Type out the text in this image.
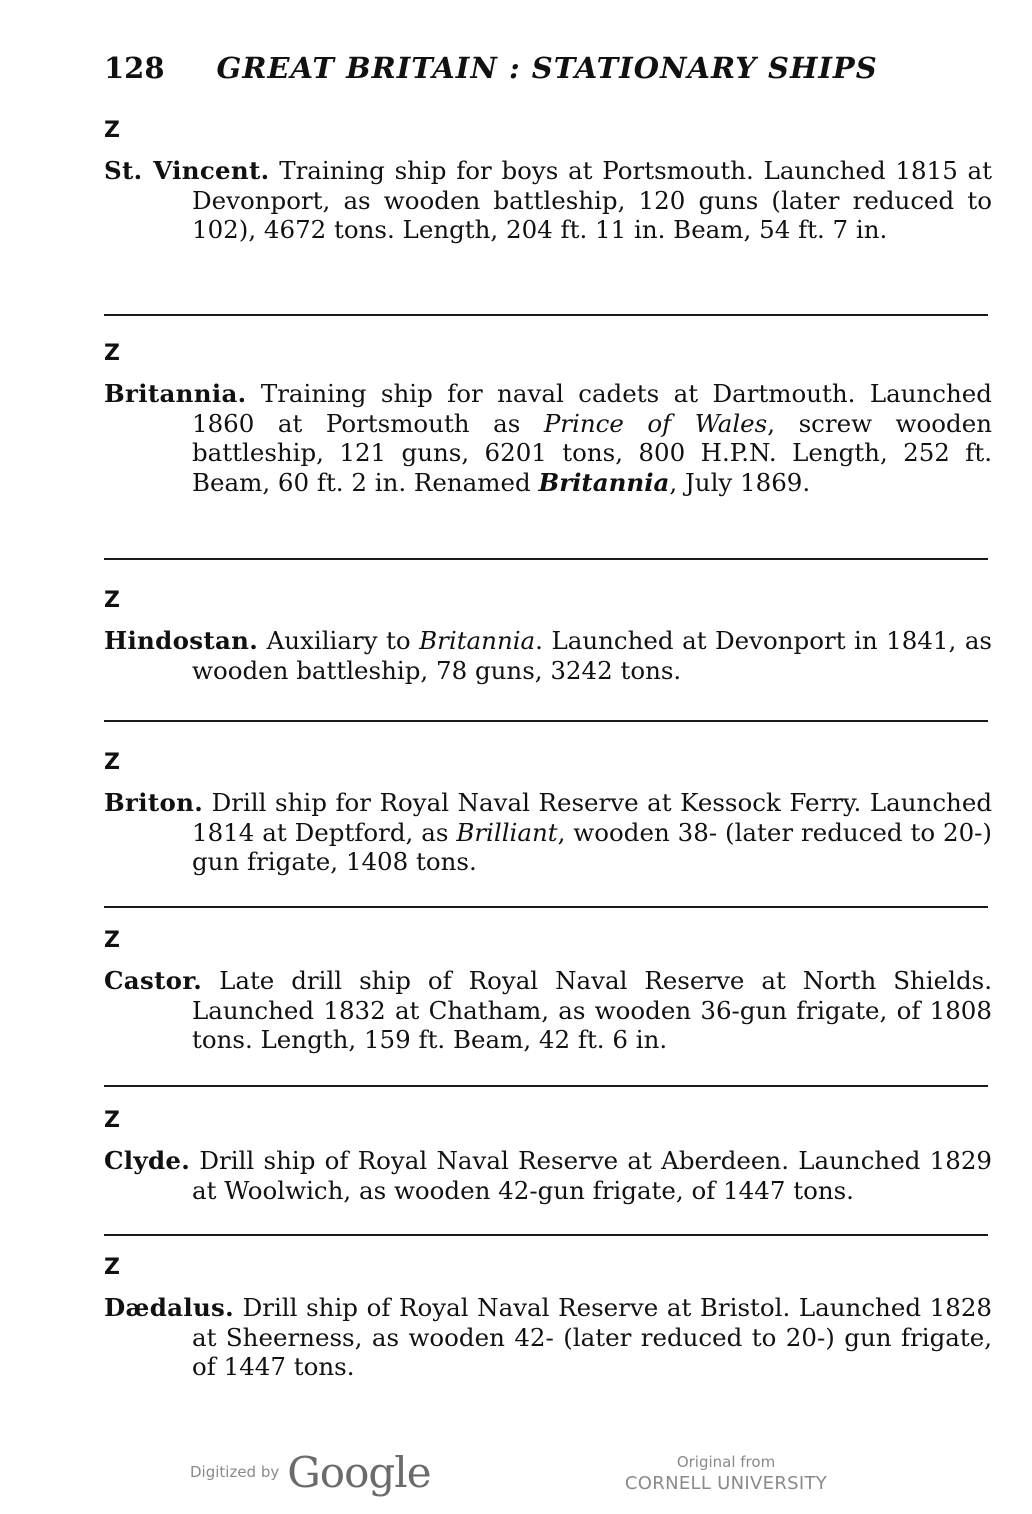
128 GREAT BRITAIN : STATIONARY SHIPS
Z
St. Vincent. Training ship for boys at Portsmouth. Launched 1815 at Devonport, as wooden battleship, 120 guns (later reduced to 102), 4672 tons. Length, 204 ft. 11 in. Beam, 54 ft. 7 in.
Z
Britannia. Training ship for naval cadets at Dartmouth. Launched 1860 at Portsmouth as Prince of Wales, screw wooden battleship, 121 guns, 6201 tons, 800 H.P.N. Length, 252 ft. Beam, 60 ft. 2 in. Renamed Britannia, July 1869.
Z
Hindostan. Auxiliary to Britannia. Launched at Devonport in 1841, as wooden battleship, 78 guns, 3242 tons.
Z
Briton. Drill ship for Royal Naval Reserve at Kessock Ferry. Launched 1814 at Deptford, as Brilliant, wooden 38- (later reduced to 20-) gun frigate, 1408 tons.
Z
Castor. Late drill ship of Royal Naval Reserve at North Shields. Launched 1832 at Chatham, as wooden 36-gun frigate, of 1808 tons. Length, 159 ft. Beam, 42 ft. 6 in.
Z
Clyde. Drill ship of Royal Naval Reserve at Aberdeen. Launched 1829 at Woolwich, as wooden 42-gun frigate, of 1447 tons.
Z
Dædalus. Drill ship of Royal Naval Reserve at Bristol. Launched 1828 at Sheerness, as wooden 42- (later reduced to 20-) gun frigate, of 1447 tons.
Digitized by Google	Original from
CORNELL UNIVERSITY
